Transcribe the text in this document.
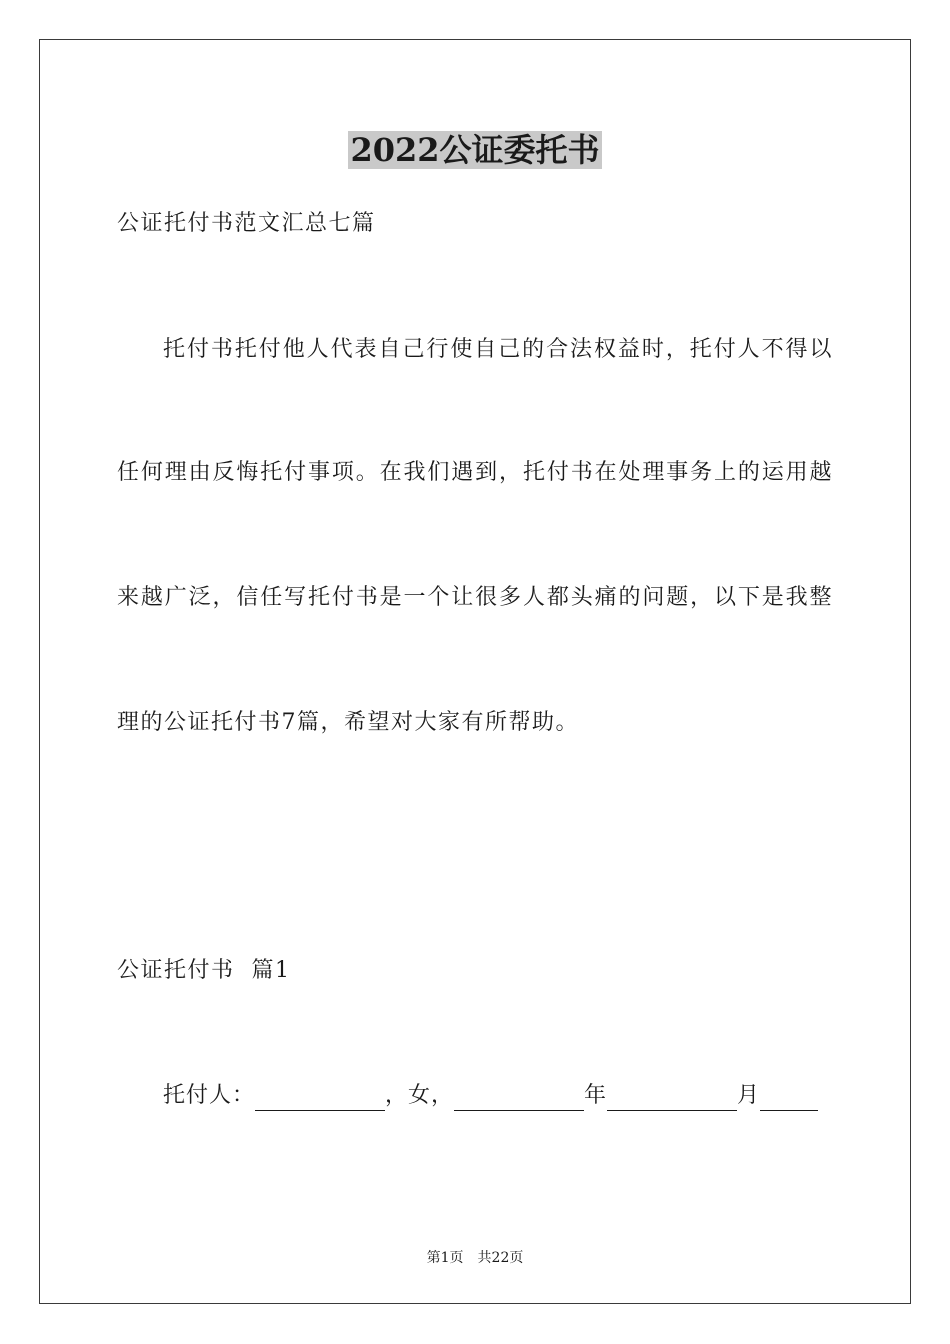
2022公证委托书
公证托付书范文汇总七篇
托付书托付他人代表自己行使自己的合法权益时，托付人不得以
任何理由反悔托付事项。在我们遇到，托付书在处理事务上的运用越
来越广泛，信任写托付书是一个让很多人都头痛的问题，以下是我整
理的公证托付书7篇，希望对大家有所帮助。
公证托付书  篇1
托付人：	，女，	年	月
第1页 共22页
